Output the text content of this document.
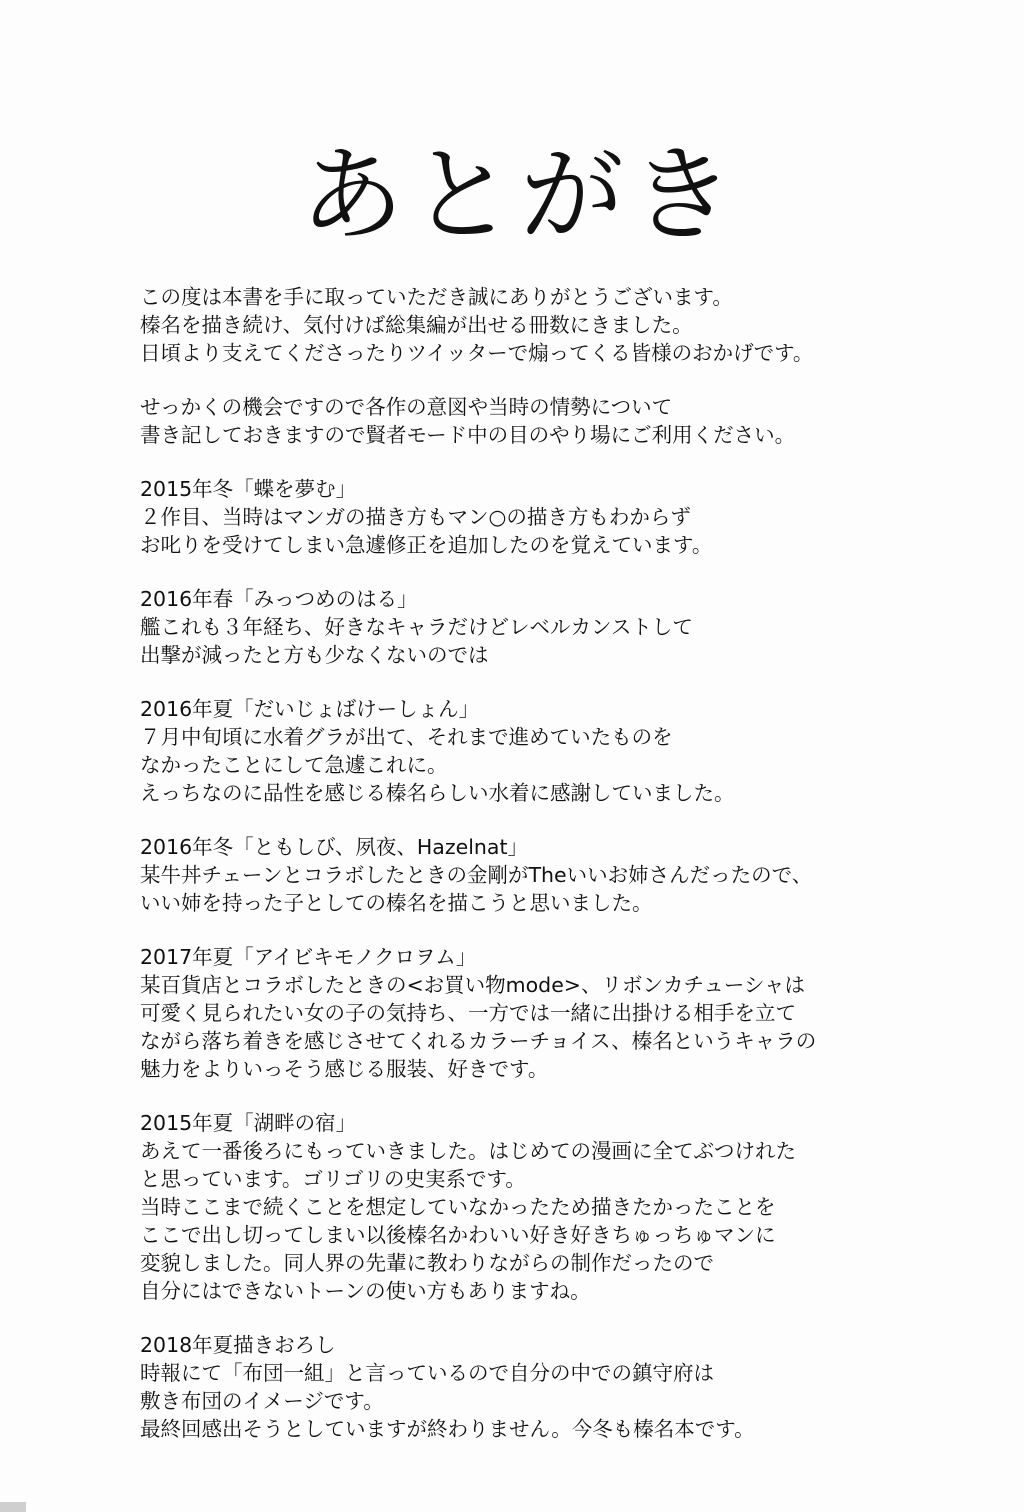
あとがき
この度は本書を手に取っていただき誠にありがとうございます。
榛名を描き続け、気付けば総集編が出せる冊数にきました。
日頃より支えてくださったりツイッターで煽ってくる皆様のおかげです。
せっかくの機会ですので各作の意図や当時の情勢について
書き記しておきますので賢者モード中の目のやり場にご利用ください。
2015年冬「蝶を夢む」
２作目、当時はマンガの描き方もマン○の描き方もわからず
お叱りを受けてしまい急遽修正を追加したのを覚えています。
2016年春「みっつめのはる」
艦これも３年経ち、好きなキャラだけどレベルカンストして
出撃が減ったと方も少なくないのでは
2016年夏「だいじょばけーしょん」
７月中旬頃に水着グラが出て、それまで進めていたものを
なかったことにして急遽これに。
えっちなのに品性を感じる榛名らしい水着に感謝していました。
2016年冬「ともしび、夙夜、Hazelnat」
某牛丼チェーンとコラボしたときの金剛がTheいいお姉さんだったので、
いい姉を持った子としての榛名を描こうと思いました。
2017年夏「アイビキモノクロヲム」
某百貨店とコラボしたときの<お買い物mode>、リボンカチューシャは
可愛く見られたい女の子の気持ち、一方では一緒に出掛ける相手を立て
ながら落ち着きを感じさせてくれるカラーチョイス、榛名というキャラの
魅力をよりいっそう感じる服装、好きです。
2015年夏「湖畔の宿」
あえて一番後ろにもっていきました。はじめての漫画に全てぶつけれた
と思っています。ゴリゴリの史実系です。
当時ここまで続くことを想定していなかったため描きたかったことを
ここで出し切ってしまい以後榛名かわいい好き好きちゅっちゅマンに
変貌しました。同人界の先輩に教わりながらの制作だったので
自分にはできないトーンの使い方もありますね。
2018年夏描きおろし
時報にて「布団一組」と言っているので自分の中での鎮守府は
敷き布団のイメージです。
最終回感出そうとしていますが終わりません。今冬も榛名本です。
